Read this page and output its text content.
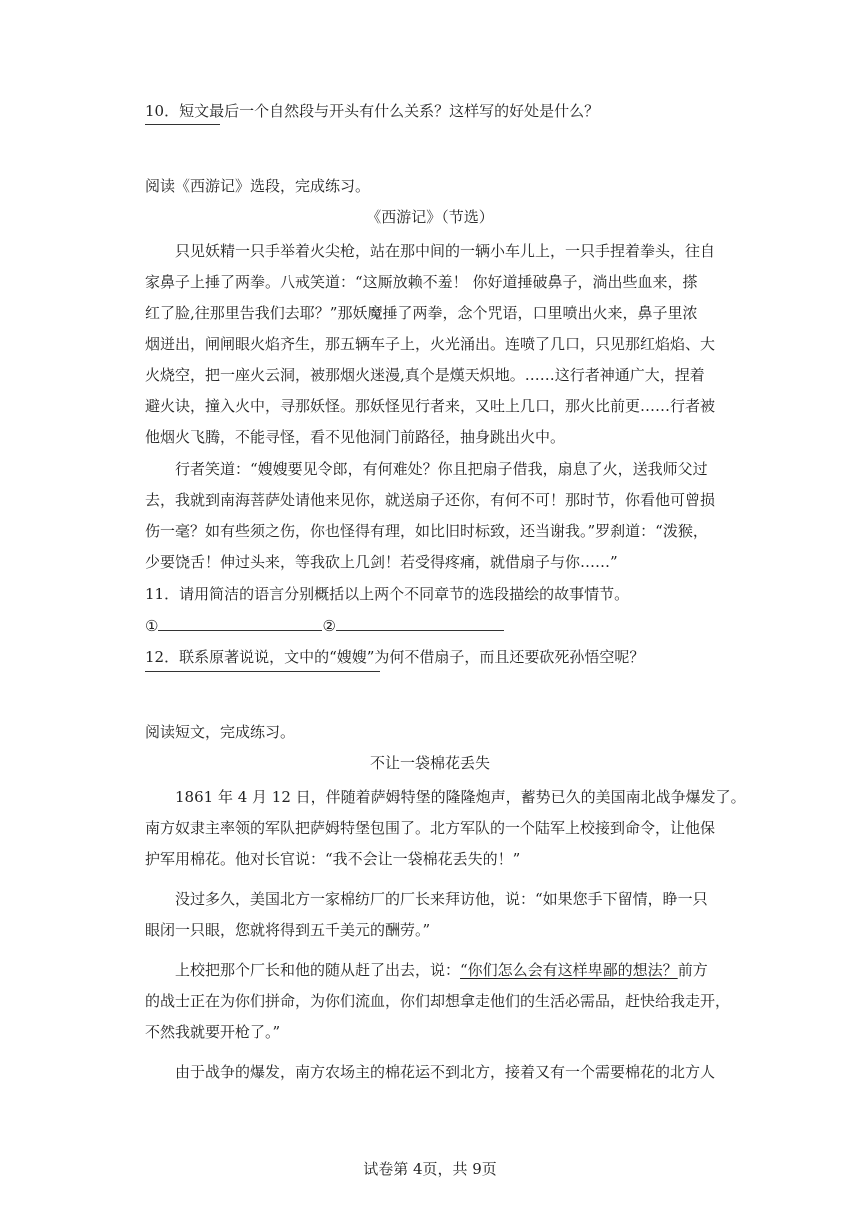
10．短文最后一个自然段与开头有什么关系？这样写的好处是什么？
阅读《西游记》选段，完成练习。
《西游记》（节选）
只见妖精一只手举着火尖枪，站在那中间的一辆小车儿上，一只手捏着拳头，往自
家鼻子上捶了两拳。八戒笑道：“这厮放赖不羞！ 你好道捶破鼻子，淌出些血来，搽
红了脸,往那里告我们去耶？”那妖魔捶了两拳，念个咒语，口里喷出火来，鼻子里浓
烟迸出，闸闸眼火焰齐生，那五辆车子上，火光涌出。连喷了几口，只见那红焰焰、大
火烧空，把一座火云洞，被那烟火迷漫,真个是熯天炽地。……这行者神通广大，捏着
避火诀，撞入火中，寻那妖怪。那妖怪见行者来，又吐上几口，那火比前更……行者被
他烟火飞腾，不能寻怪，看不见他洞门前路径，抽身跳出火中。
行者笑道：“嫂嫂要见令郎，有何难处？你且把扇子借我，扇息了火，送我师父过
去，我就到南海菩萨处请他来见你，就送扇子还你，有何不可！那时节，你看他可曾损
伤一毫？如有些须之伤，你也怪得有理，如比旧时标致，还当谢我。”罗刹道：“泼猴，
少要饶舌！伸过头来，等我砍上几剑！若受得疼痛，就借扇子与你……”
11．请用简洁的语言分别概括以上两个不同章节的选段描绘的故事情节。
①	②
12．联系原著说说，文中的“嫂嫂”为何不借扇子，而且还要砍死孙悟空呢？
阅读短文，完成练习。
不让一袋棉花丢失
1861 年 4 月 12 日，伴随着萨姆特堡的隆隆炮声，蓄势已久的美国南北战争爆发了。
南方奴隶主率领的军队把萨姆特堡包围了。北方军队的一个陆军上校接到命令，让他保
护军用棉花。他对长官说：“我不会让一袋棉花丢失的！”
没过多久，美国北方一家棉纺厂的厂长来拜访他，说：“如果您手下留情，睁一只
眼闭一只眼，您就将得到五千美元的酬劳。”
上校把那个厂长和他的随从赶了出去，说：“你们怎么会有这样卑鄙的想法？前方
的战士正在为你们拼命，为你们流血，你们却想拿走他们的生活必需品，赶快给我走开，
不然我就要开枪了。”
由于战争的爆发，南方农场主的棉花运不到北方，接着又有一个需要棉花的北方人
试卷第 4页，共 9页
